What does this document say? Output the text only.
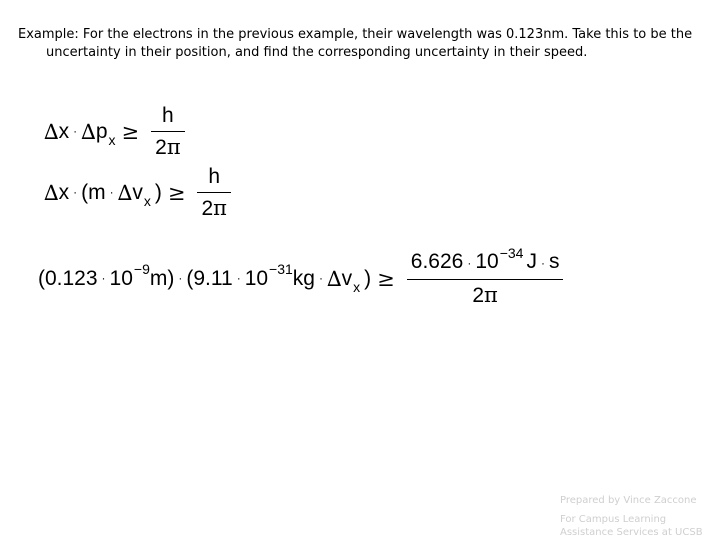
Example: For the electrons in the previous example, their wavelength was 0.123nm. Take this to be the uncertainty in their position, and find the corresponding uncertainty in their speed.

∆ x · ∆ p $x \ge \frac{h}{2\pi}$
∆ x · (m · ∆ v x ) ≥ $\frac{h}{2\pi}$
(0.123 · 10 −9 m) · (9.11 · 10 −31 kg · ∆ v x ) ≥ $\frac{6.626 \cdot 10^{-34} J \cdot s}{2\pi}$
Prepared by Vince Zaccone
For Campus Learning Assistance Services at UCSB
